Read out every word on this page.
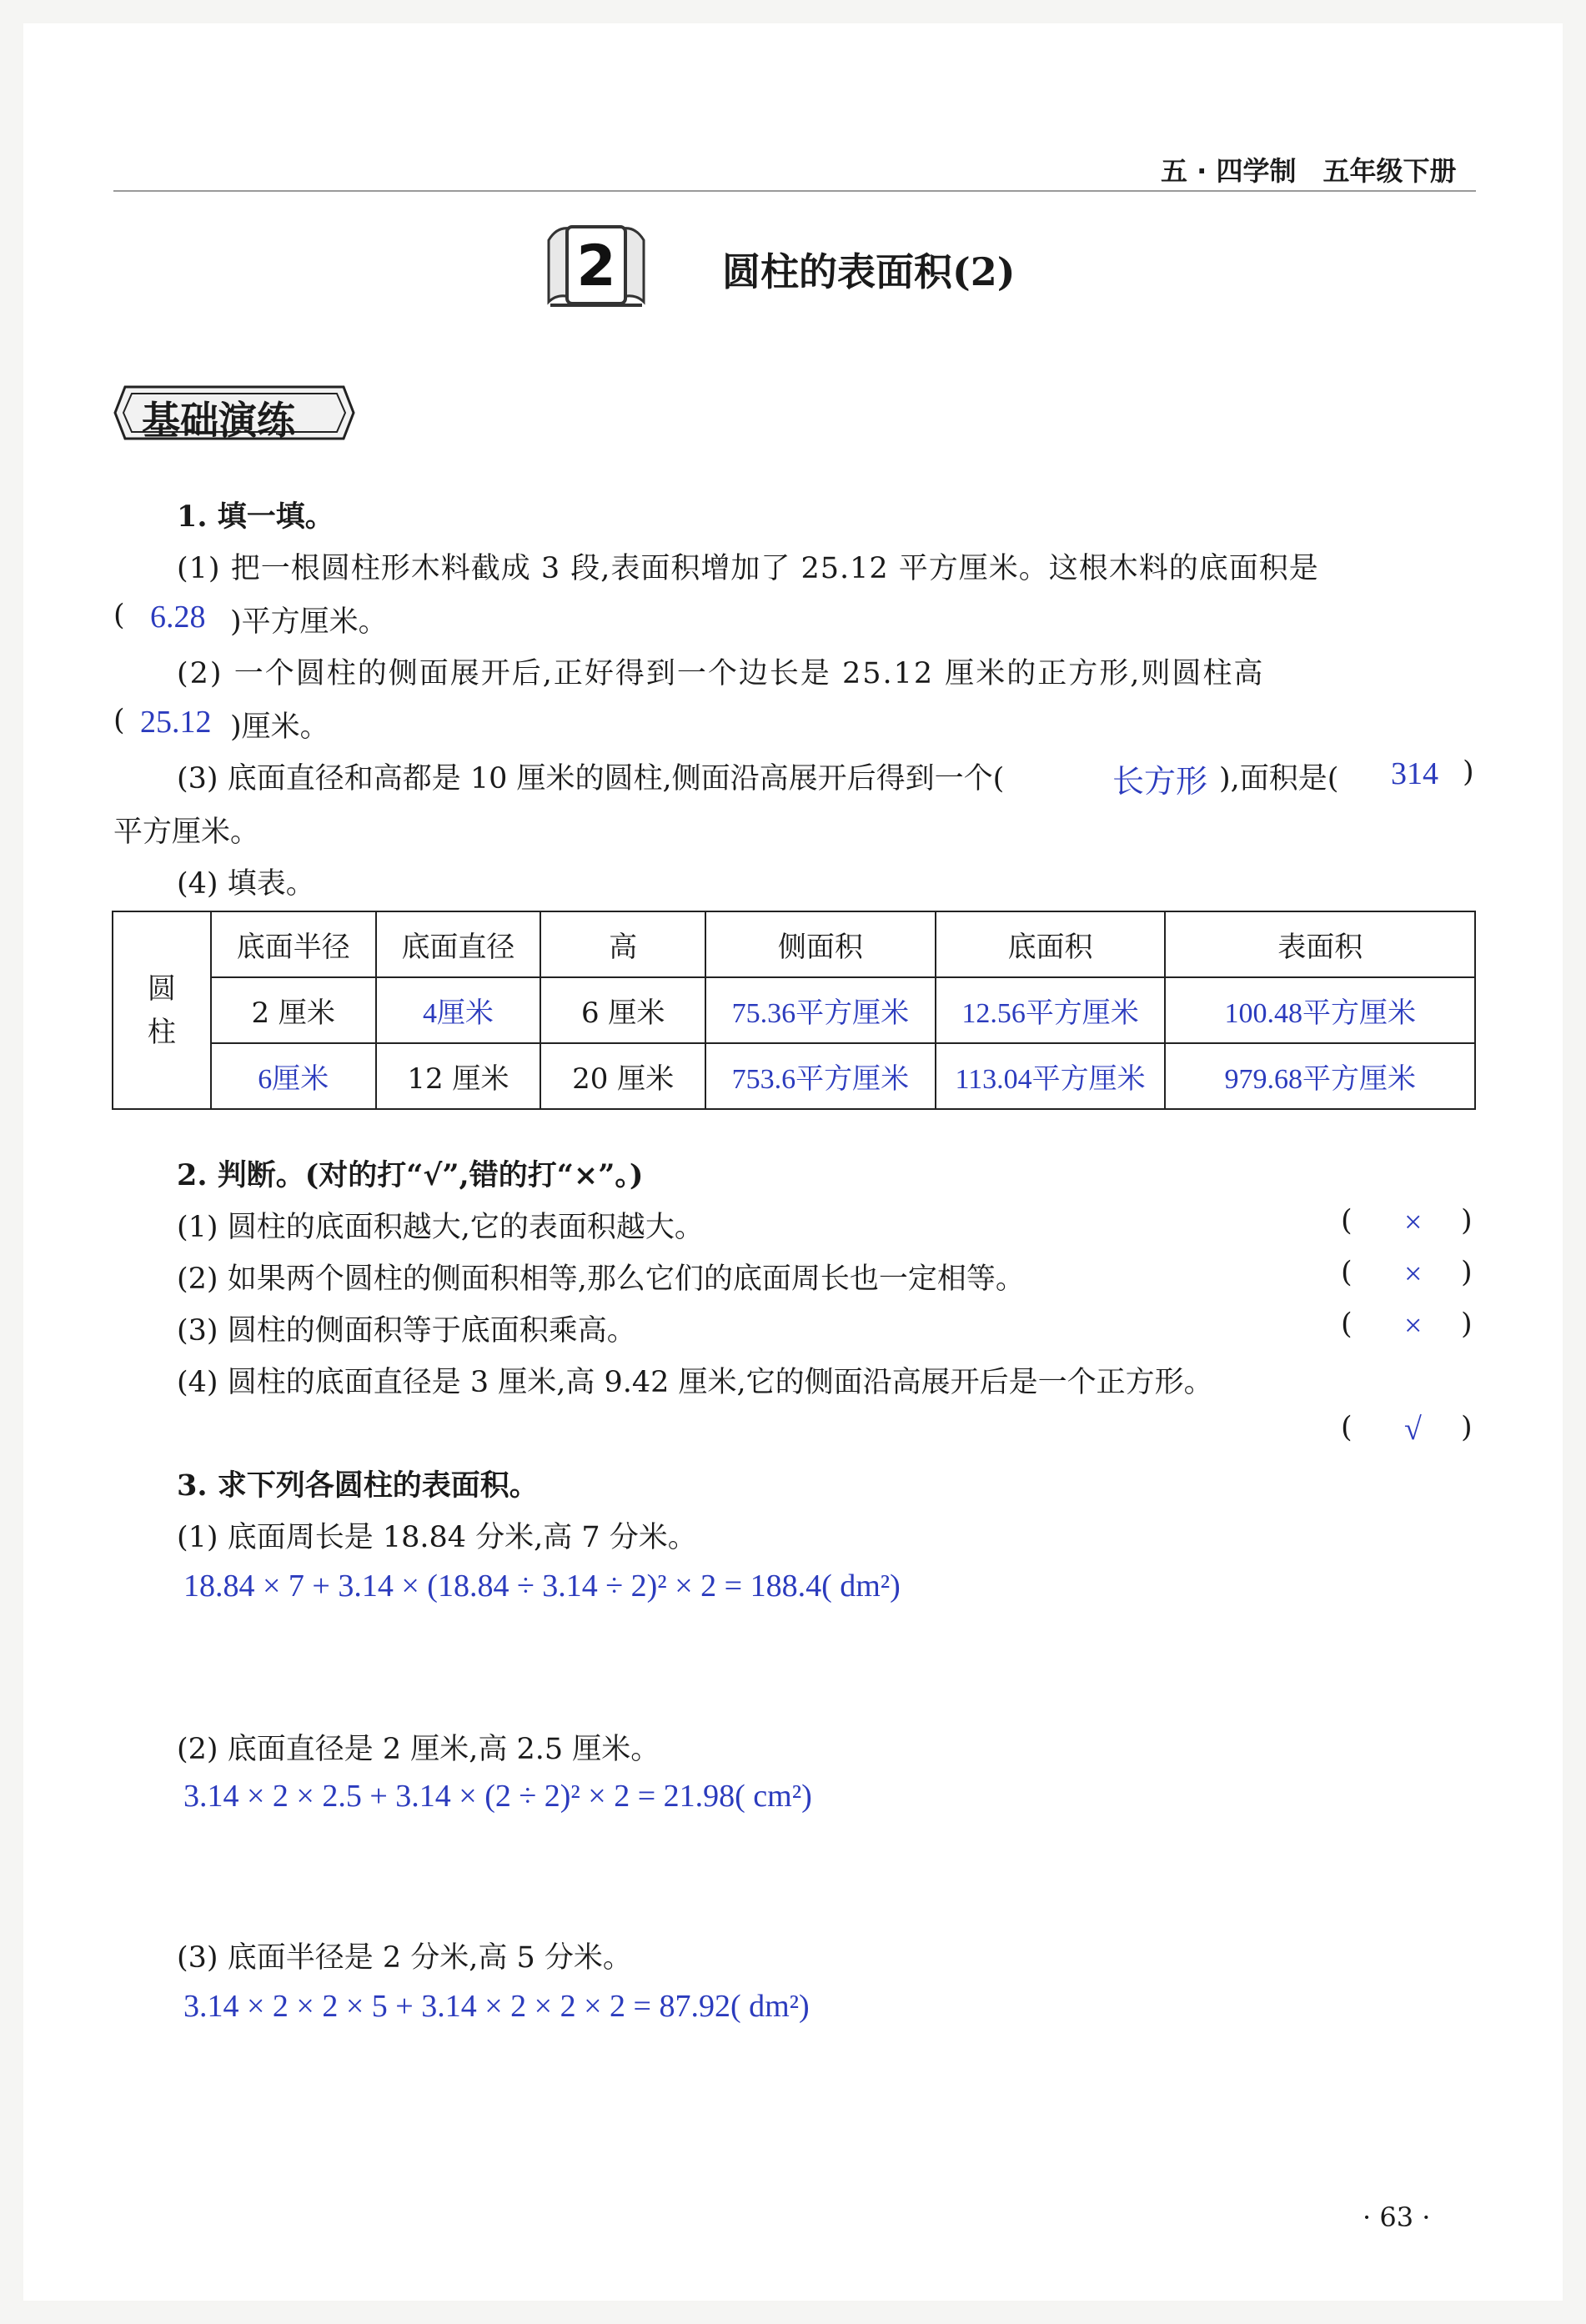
五 · 四学制　五年级下册
2	圆柱的表面积(2)
基础演练
1. 填一填。
(1) 把一根圆柱形木料截成 3 段,表面积增加了 25.12 平方厘米。这根木料的底面积是
( 6.28 )平方厘米。
(2) 一个圆柱的侧面展开后,正好得到一个边长是 25.12 厘米的正方形,则圆柱高
( 25.12 )厘米。
(3) 底面直径和高都是 10 厘米的圆柱,侧面沿高展开后得到一个(	长方形 ),面积是( 314 )
平方厘米。
(4) 填表。
圆
柱	底面半径	底面直径	高	侧面积	底面积	表面积
	2 厘米	4厘米	6 厘米	75.36平方厘米	12.56平方厘米	100.48平方厘米
	6厘米	12 厘米	20 厘米	753.6平方厘米	113.04平方厘米	979.68平方厘米
2. 判断。(对的打“√”,错的打“×”。)
(1) 圆柱的底面积越大,它的表面积越大。	( × )
(2) 如果两个圆柱的侧面积相等,那么它们的底面周长也一定相等。	( × )
(3) 圆柱的侧面积等于底面积乘高。	( × )
(4) 圆柱的底面直径是 3 厘米,高 9.42 厘米,它的侧面沿高展开后是一个正方形。
( √ )
3. 求下列各圆柱的表面积。
(1) 底面周长是 18.84 分米,高 7 分米。
18.84 × 7 + 3.14 × (18.84 ÷ 3.14 ÷ 2)² × 2 = 188.4( dm²)
(2) 底面直径是 2 厘米,高 2.5 厘米。
3.14 × 2 × 2.5 + 3.14 × (2 ÷ 2)² × 2 = 21.98( cm²)
(3) 底面半径是 2 分米,高 5 分米。
3.14 × 2 × 2 × 5 + 3.14 × 2 × 2 × 2 = 87.92( dm²)
· 63 ·
